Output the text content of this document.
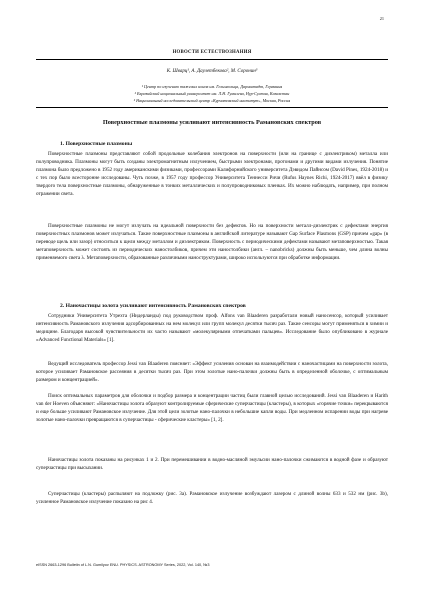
21
НОВОСТИ ЕСТЕСТВОЗНАНИЯ
К. Шварц¹, А. Даулетбекова², М. Соронин³
¹ Центр по изучению тяжелых ионов им. Гельмгольца, Дармштадт, Германия
² Евразийский национальный университет им. Л.Н. Гумилева, Нур-Султан, Казахстан
³ Национальный исследовательский центр «Курчатовский институт», Москва, Россия
Поверхностные плазмоны усиливают интенсивность Рамановских спектров
1. Поверхностные плазмоны
Поверхностные плазмоны представляют собой продольные колебания электронов на поверхности (или на границе с диэлектриком) металла или полупроводника. Плазмоны могут быть созданы электромагнитным излучением, быстрыми электронами, протонами и другими видами излучения. Понятие плазмона было предложено в 1952 году американскими физиками, профессорами Калифорнийского университета Дэвидом Пайнсом (David Pines, 1924-2018) и с тех пор было всесторонне исследованы. Чуть позже, в 1957 году профессор Университета Теннесси Ричи (Rufus Haynes Richi, 1924-2017) ввёл в физику твердого тела поверхностные плазмоны, обнаруженные в тонких металлических и полупроводниковых пленках. Их можно наблюдать, например, при полном отражении света.
Поверхностные плазмоны не могут излучать на идеальной поверхности без дефектов. Но на поверхности металл-диэлектрик с дефектами энергия поверхностных плазмонов может излучаться. Такие поверхностные плазмоны в английской литературе называют Gap Surface Plasmons (GSP) причем «gap» (в переводе щель или зазор) относиться к щели между металлом и диэлектриком. Поверхность с периодическими дефектами называют метаповерхностью. Такая метаповерхность может состоять из периодических наностолбиков, причем эти наностолбики (англ. – nanobricks) должны быть меньше, чем длина волны применяемого света λ. Метаповерхности, образованные различными наноструктурами, широко используются при обработке информации.
2. Наночастицы золота усиливают интенсивность Рамановских спектров
Сотрудники Университета Утрехта (Нидерланды) под руководством проф. Alfons van Blaaderen разработали новый наносенсор, который усиливает интенсивность Рамановского излучения адсорбированных на нем молекул или групп молекул десятки тысяч раз. Такие сенсоры могут применяться в химии и медицине. Благодаря высокой чувствительности их часто называют «молекулярными отпечатками пальцев». Исследование было опубликовано в журнале «Advanced Functional Materials» [1].
Ведущий исследователь профессор Jessi van Blaaderen поясняет: «Эффект усиления основан на взаимодействии с наночастицами на поверхности золота, которое усиливает Рамановское рассеяния в десятки тысяч раз. При этом золотые нано-палочки должны быть в определенной оболочке, с оптимальным размером и концентрацией».
Поиск оптимальных параметров для оболочки и подбор размера и концентрации частиц были главной целью исследований. Jessi van Blaaderen и Harith van der Hoeven объясняют: «Наночастицы золота образуют контролируемые сферические суперчастицы (кластеры), в которых «горячие точки» перекрываются и еще больше усиливают Рамановское излучение. Для этой цели золотые нано-палочки в небольшие капли воды. При медленном испарении воды при нагреве золотые нано-палочки превращаются в суперчастицы - сферические кластеры» [1, 2].
Наночастицы золота показаны на рисунках 1 и 2. При перемешивании в водно-масляной эмульсии нано-палочки сжимаются в водной фазе и образуют суперчастицы при высыхании.
Суперчастицы (кластеры) распыляют на подложку (рис. 3a). Рамановское излучение возбуждают лазером с длиной волны 633 и 532 нм (рис. 3b), усиленное Рамановское излучение показано на рис 4.
eISSN 2663-1296 Bulletin of L.N. Gumilyov ENU. PHYSICS. ASTRONOMY Series, 2022, Vol. 140, №3
